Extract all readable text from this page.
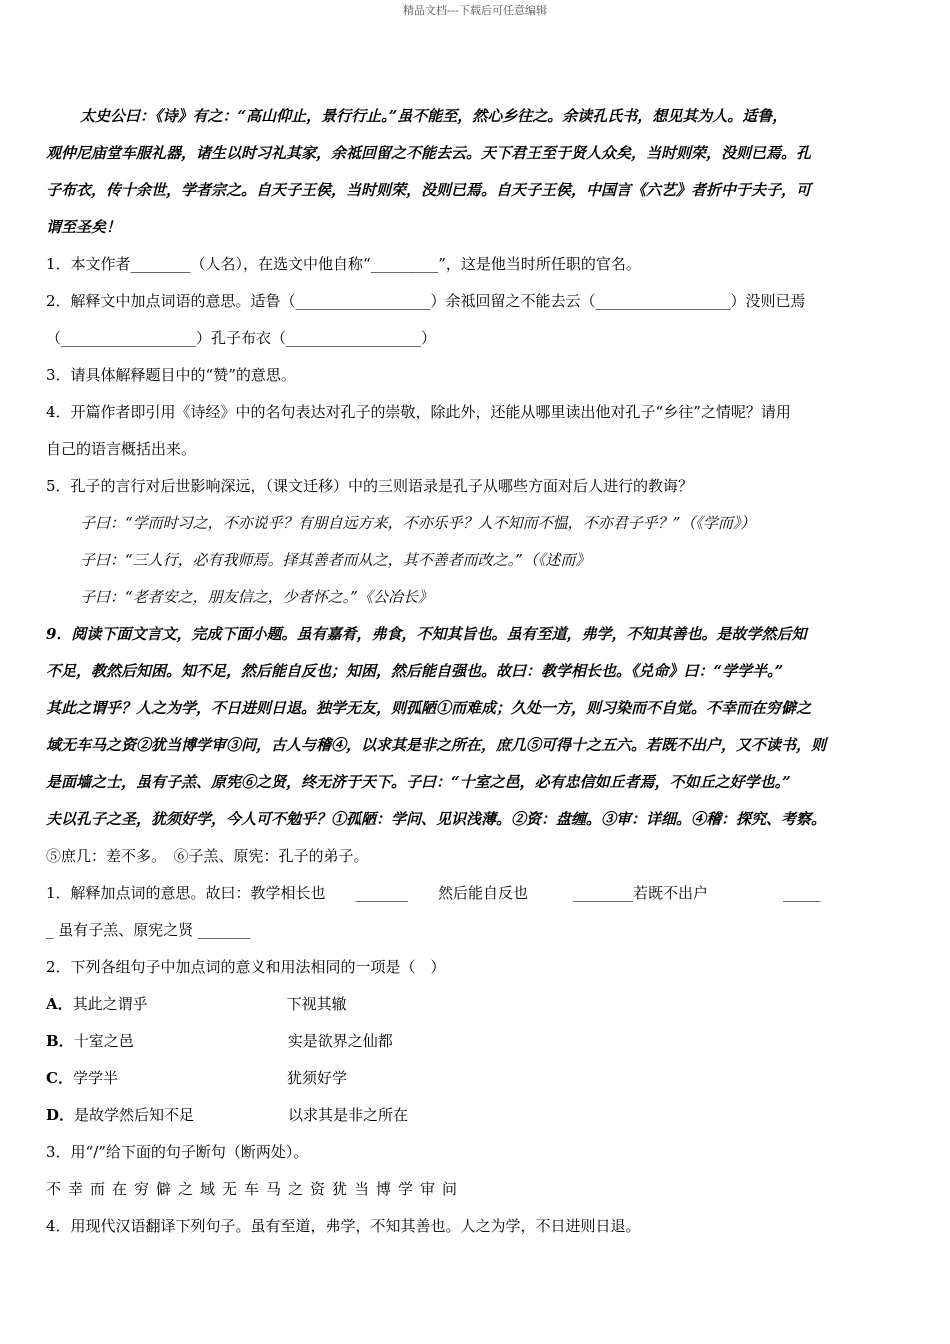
精品文档---下载后可任意编辑
太史公曰：《诗》有之：“高山仰止，景行行止。”虽不能至，然心乡往之。余读孔氏书，想见其为人。适鲁，
观仲尼庙堂车服礼器，诸生以时习礼其家，余祗回留之不能去云。天下君王至于贤人众矣，当时则荣，没则已焉。孔
子布衣，传十余世，学者宗之。自天子王侯，当时则荣，没则已焉。自天子王侯，中国言《六艺》者折中于夫子，可
谓至圣矣！
1．本文作者________（人名），在选文中他自称“_________”，这是他当时所任职的官名。
2．解释文中加点词语的意思。适鲁（__________________）余祗回留之不能去云（__________________）没则已焉
（__________________）孔子布衣（__________________）
3．请具体解释题目中的“赞”的意思。
4．开篇作者即引用《诗经》中的名句表达对孔子的崇敬，除此外，还能从哪里读出他对孔子“乡往”之情呢？请用
自己的语言概括出来。
5．孔子的言行对后世影响深远，（课文迁移）中的三则语录是孔子从哪些方面对后人进行的教诲？
子曰：“学而时习之，不亦说乎？有朋自远方来，不亦乐乎？人不知而不愠，不亦君子乎？”（《学而》）
子曰：“三人行，必有我师焉。择其善者而从之，其不善者而改之。”（《述而》
子曰：“老者安之，朋友信之，少者怀之。”《公冶长》
9．阅读下面文言文，完成下面小题。虽有嘉肴，弗食，不知其旨也。虽有至道，弗学，不知其善也。是故学然后知
不足，教然后知困。知不足，然后能自反也；知困，然后能自强也。故曰：教学相长也。《兑命》曰：“学学半。”
其此之谓乎？人之为学，不日进则日退。独学无友，则孤陋①而难成；久处一方，则习染而不自觉。不幸而在穷僻之
域无车马之资②犹当博学审③问，古人与稽④，以求其是非之所在，庶几⑤可得十之五六。若既不出户，又不读书，则
是面墙之士，虽有子羔、原宪⑥之贤，终无济于天下。子曰：“十室之邑，必有忠信如丘者焉，不如丘之好学也。”
夫以孔子之圣，犹须好学，今人可不勉乎？①孤陋：学问、见识浅薄。②资：盘缠。③审：详细。④稽：探究、考察。
⑤庶几：差不多。　⑥子羔、原宪：孔子的弟子。
1．解释加点词的意思。故曰：教学相长也　　_______　　然后能自反也　　　________若既不出户　　　　　_____
_ 虽有子羔、原宪之贤 _______
2．下列各组句子中加点词的意义和用法相同的一项是（　）
A．其此之谓乎	下视其辙
B．十室之邑	实是欲界之仙都
C．学学半	犹须好学
D．是故学然后知不足	以求其是非之所在
3．用“/”给下面的句子断句（断两处）。
不幸而在穷僻之域无车马之资犹当博学审问
4．用现代汉语翻译下列句子。虽有至道，弗学，不知其善也。人之为学，不日进则日退。
